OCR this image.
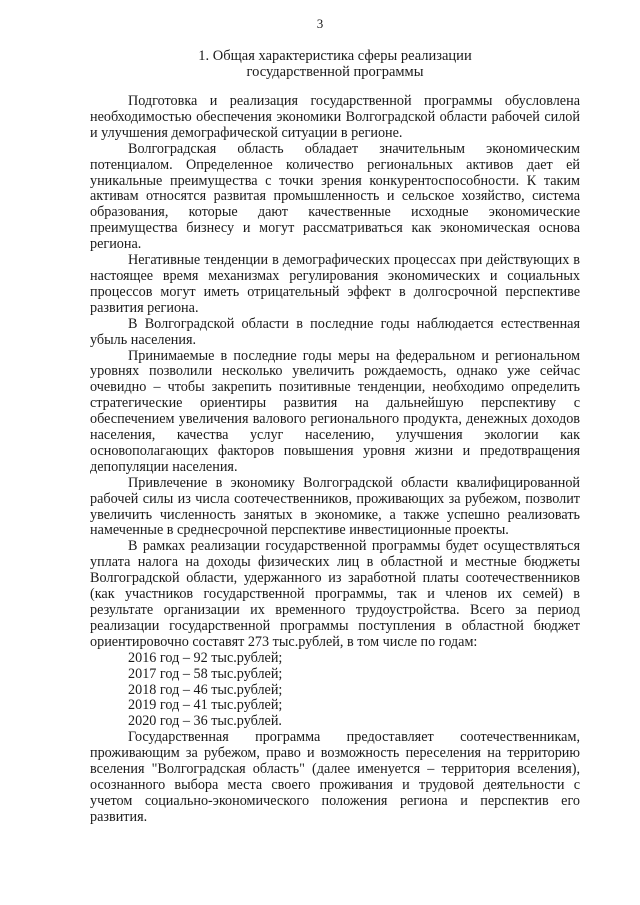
3
1. Общая характеристика сферы реализации
государственной программы

Подготовка и реализация государственной программы обусловлена необходимостью обеспечения экономики Волгоградской области рабочей силой и улучшения демографической ситуации в регионе.

Волгоградская область обладает значительным экономическим потенциалом. Определенное количество региональных активов дает ей уникальные преимущества с точки зрения конкурентоспособности. К таким активам относятся развитая промышленность и сельское хозяйство, система образования, которые дают качественные исходные экономические преимущества бизнесу и могут рассматриваться как экономическая основа региона.

Негативные тенденции в демографических процессах при действующих в настоящее время механизмах регулирования экономических и социальных процессов могут иметь отрицательный эффект в долгосрочной перспективе развития региона.

В Волгоградской области в последние годы наблюдается естественная убыль населения.

Принимаемые в последние годы меры на федеральном и региональном уровнях позволили несколько увеличить рождаемость, однако уже сейчас очевидно – чтобы закрепить позитивные тенденции, необходимо определить стратегические ориентиры развития на дальнейшую перспективу с обеспечением увеличения валового регионального продукта, денежных доходов населения, качества услуг населению, улучшения экологии как основополагающих факторов повышения уровня жизни и предотвращения депопуляции населения.

Привлечение в экономику Волгоградской области квалифицированной рабочей силы из числа соотечественников, проживающих за рубежом, позволит увеличить численность занятых в экономике, а также успешно реализовать намеченные в среднесрочной перспективе инвестиционные проекты.

В рамках реализации государственной программы будет осуществляться уплата налога на доходы физических лиц в областной и местные бюджеты Волгоградской области, удержанного из заработной платы соотечественников (как участников государственной программы, так и членов их семей) в результате организации их временного трудоустройства. Всего за период реализации государственной программы поступления в областной бюджет ориентировочно составят 273 тыс.рублей, в том числе по годам:

2016 год – 92 тыс.рублей;
2017 год – 58 тыс.рублей;
2018 год – 46 тыс.рублей;
2019 год – 41 тыс.рублей;
2020 год – 36 тыс.рублей.

Государственная программа предоставляет соотечественникам, проживающим за рубежом, право и возможность переселения на территорию вселения "Волгоградская область" (далее именуется – территория вселения), осознанного выбора места своего проживания и трудовой деятельности с учетом социально-экономического положения региона и перспектив его развития.
